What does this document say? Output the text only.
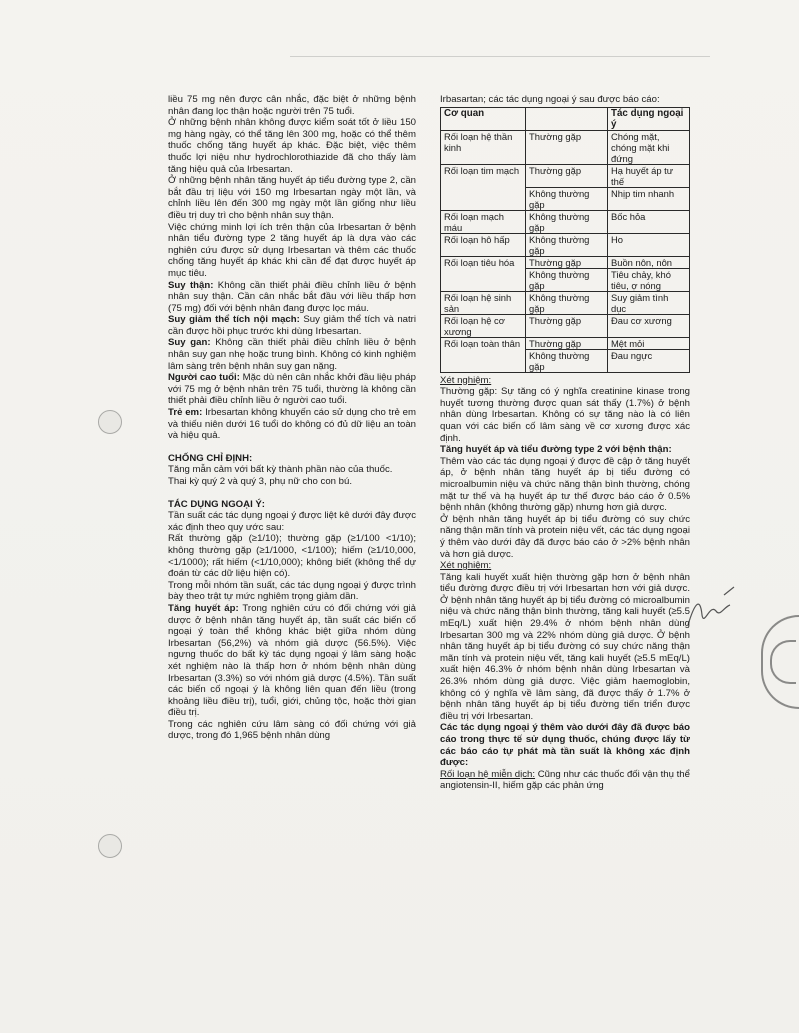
liều 75 mg nên được cân nhắc, đặc biệt ở những bệnh nhân đang lọc thận hoặc người trên 75 tuổi.

Ở những bệnh nhân không được kiểm soát tốt ở liều 150 mg hàng ngày, có thể tăng lên 300 mg, hoặc có thể thêm thuốc chống tăng huyết áp khác. Đặc biệt, việc thêm thuốc lợi niệu như hydrochlorothiazide đã cho thấy làm tăng hiệu quả của Irbesartan.

Ở những bệnh nhân tăng huyết áp tiểu đường type 2, cần bắt đầu trị liệu với 150 mg Irbesartan ngày một lần, và chỉnh liều lên đến 300 mg ngày một lần giống như liều điều trị duy trì cho bệnh nhân suy thận.

Việc chứng minh lợi ích trên thận của Irbesartan ở bệnh nhân tiểu đường type 2 tăng huyết áp là dựa vào các nghiên cứu được sử dụng Irbesartan và thêm các thuốc chống tăng huyết áp khác khi cần để đạt được huyết áp mục tiêu.

Suy thận: Không cần thiết phải điều chỉnh liều ở bệnh nhân suy thận. Cần cân nhắc bắt đầu với liều thấp hơn (75 mg) đối với bệnh nhân đang được lọc máu.

Suy giảm thể tích nội mạch: Suy giảm thể tích và natri cần được hồi phục trước khi dùng Irbesartan.

Suy gan: Không cần thiết phải điều chỉnh liều ở bệnh nhân suy gan nhẹ hoặc trung bình. Không có kinh nghiệm lâm sàng trên bệnh nhân suy gan nặng.

Người cao tuổi: Mặc dù nên cân nhắc khởi đầu liệu pháp với 75 mg ở bệnh nhân trên 75 tuổi, thường là không cần thiết phải điều chỉnh liều ở người cao tuổi.

Trẻ em: Irbesartan không khuyến cáo sử dụng cho trẻ em và thiếu niên dưới 16 tuổi do không có đủ dữ liệu an toàn và hiệu quả.

CHỐNG CHỈ ĐỊNH:

Tăng mẫn cảm với bất kỳ thành phần nào của thuốc.

Thai kỳ quý 2 và quý 3, phụ nữ cho con bú.

TÁC DỤNG NGOẠI Ý:

Tần suất các tác dụng ngoại ý được liệt kê dưới đây được xác định theo quy ước sau:

Rất thường gặp (≥1/10); thường gặp (≥1/100 <1/10); không thường gặp (≥1/1000, <1/100); hiếm (≥1/10,000, <1/1000); rất hiếm (<1/10,000); không biết (không thể dự đoán từ các dữ liệu hiện có).

Trong mỗi nhóm tần suất, các tác dụng ngoại ý được trình bày theo trật tự mức nghiêm trọng giảm dần.

Tăng huyết áp: Trong nghiên cứu có đối chứng với giả dược ở bệnh nhân tăng huyết áp, tần suất các biến cố ngoại ý toàn thể không khác biệt giữa nhóm dùng Irbesartan (56,2%) và nhóm giả dược (56.5%). Việc ngưng thuốc do bất kỳ tác dụng ngoại ý lâm sàng hoặc xét nghiệm nào là thấp hơn ở nhóm bệnh nhân dùng Irbesartan (3.3%) so với nhóm giả dược (4.5%). Tần suất các biến cố ngoại ý là không liên quan đến liều (trong khoảng liều điều trị), tuổi, giới, chủng tộc, hoặc thời gian điều trị.

Trong các nghiên cứu lâm sàng có đối chứng với giả dược, trong đó 1,965 bệnh nhân dùng

Irbasartan; các tác dụng ngoại ý sau được báo cáo:

Cơ quan		Tác dụng ngoại ý
Rối loạn hệ thần kinh	Thường gặp	Chóng mặt, chóng mặt khi đứng
Rối loạn tim mạch	Thường gặp	Hạ huyết áp tư thế
	Không thường gặp	Nhịp tim nhanh
Rối loạn mạch máu	Không thường gặp	Bốc hỏa
Rối loạn hô hấp	Không thường gặp	Ho
Rối loạn tiêu hóa	Thường gặp	Buồn nôn, nôn
	Không thường gặp	Tiêu chảy, khó tiêu, ợ nóng
Rối loạn hệ sinh sản	Không thường gặp	Suy giảm tình dục
Rối loạn hệ cơ xương	Thường gặp	Đau cơ xương
Rối loạn toàn thân	Thường gặp	Mệt mỏi
	Không thường gặp	Đau ngực

Xét nghiệm:

Thường gặp: Sự tăng có ý nghĩa creatinine kinase trong huyết tương thường được quan sát thấy (1.7%) ở bệnh nhân dùng Irbesartan. Không có sự tăng nào là có liên quan với các biến cố lâm sàng về cơ xương được xác định.

Tăng huyết áp và tiểu đường type 2 với bệnh thận:

Thêm vào các tác dụng ngoại ý được đề cập ở tăng huyết áp, ở bệnh nhân tăng huyết áp bị tiểu đường có microalbumin niệu và chức năng thận bình thường, chóng mặt tư thế và hạ huyết áp tư thế được báo cáo ở 0.5% bệnh nhân (không thường gặp) nhưng hơn giả dược.

Ở bệnh nhân tăng huyết áp bị tiểu đường có suy chức năng thận mãn tính và protein niệu vết, các tác dụng ngoại ý thêm vào dưới đây đã được báo cáo ở >2% bệnh nhân và hơn giả dược.

Xét nghiệm:

Tăng kali huyết xuất hiện thường gặp hơn ở bệnh nhân tiểu đường được điều trị với Irbesartan hơn với giả dược. Ở bệnh nhân tăng huyết áp bị tiểu đường có microalbumin niệu và chức năng thận bình thường, tăng kali huyết (≥5.5 mEq/L) xuất hiện 29.4% ở nhóm bệnh nhân dùng Irbesartan 300 mg và 22% nhóm dùng giả dược. Ở bệnh nhân tăng huyết áp bị tiểu đường có suy chức năng thận mãn tính và protein niệu vết, tăng kali huyết (≥5.5 mEq/L) xuất hiện 46.3% ở nhóm bệnh nhân dùng Irbesartan và 26.3% nhóm dùng giả dược. Việc giảm haemoglobin, không có ý nghĩa về lâm sàng, đã được thấy ở 1.7% ở bệnh nhân tăng huyết áp bị tiểu đường tiến triển được điều trị với Irbesartan.

Các tác dụng ngoại ý thêm vào dưới đây đã được báo cáo trong thực tế sử dụng thuốc, chúng được lấy từ các báo cáo tự phát mà tần suất là không xác định được:

Rối loạn hệ miễn dịch: Cũng như các thuốc đối vận thụ thể angiotensin-II, hiếm gặp các phản ứng
